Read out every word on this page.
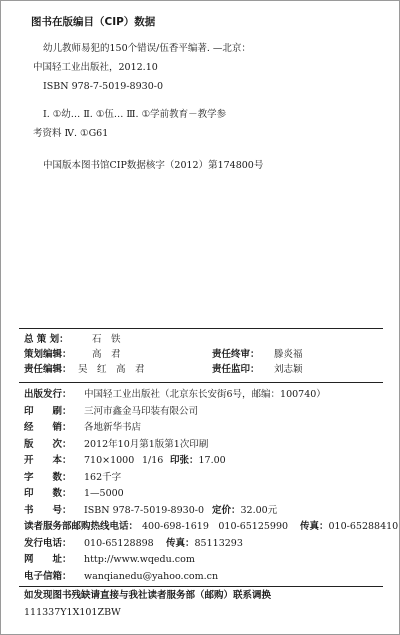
图书在版编目（CIP）数据
幼儿教师易犯的150个错误/伍香平编著. —北京：
中国轻工业出版社，2012.10
ISBN 978-7-5019-8930-0
Ⅰ. ①幼… Ⅱ. ①伍… Ⅲ. ①学前教育－教学参
考资料 Ⅳ. ①G61
中国版本图书馆CIP数据核字（2012）第174800号
总 策 划： 石　铁
策划编辑： 高　君	责任终审： 滕炎福
责任编辑： 吴　红　高　君	责任监印： 刘志颖
出版发行： 中国轻工业出版社（北京东长安街6号，邮编：100740）
印　　刷： 三河市鑫金马印装有限公司
经　　销： 各地新华书店
版　　次： 2012年10月第1版第1次印刷
开　　本： 710×1000 1/16 印张：17.00
字　　数： 162千字
印　　数： 1—5000
书　　号： ISBN 978-7-5019-8930-0 定价：32.00元
读者服务部邮购热线电话： 400-698-1619　010-65125990 传真：010-65288410
发行电话： 010-65128898 传真：85113293
网　　址： http://www.wqedu.com
电子信箱： wanqianedu@yahoo.com.cn
如发现图书残缺请直接与我社读者服务部（邮购）联系调换
111337Y1X101ZBW
